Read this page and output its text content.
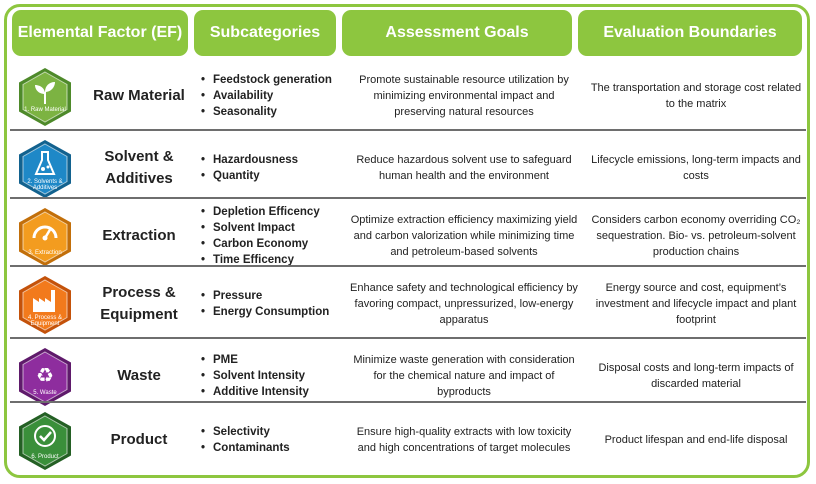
Elemental Factor (EF)	Subcategories	Assessment Goals	Evaluation Boundaries
1. Raw Material
Raw Material
• Feedstock generation
• Availability
• Seasonality
Promote sustainable resource utilization by minimizing environmental impact and preserving natural resources
The transportation and storage cost related to the matrix
2. Solvents & Additives
Solvent &
Additives
• Hazardousness
• Quantity
Reduce hazardous solvent use to safeguard human health and the environment
Lifecycle emissions, long-term impacts and costs
3. Extraction
Extraction
• Depletion Efficency
• Solvent Impact
• Carbon Economy
• Time Efficency
Optimize extraction efficiency maximizing yield and carbon valorization while minimizing time and petroleum-based solvents
Considers carbon economy overriding CO₂ sequestration. Bio- vs. petroleum-solvent production chains
4. Process & Equipment
Process &
Equipment
• Pressure
• Energy Consumption
Enhance safety and technological efficiency by favoring compact, unpressurized, low-energy apparatus
Energy source and cost, equipment’s investment and lifecycle impact and plant footprint
♻
5. Waste
Waste
• PME
• Solvent Intensity
• Additive Intensity
Minimize waste generation with consideration for the chemical nature and impact of byproducts
Disposal costs and long-term impacts of discarded material
6. Product
Product
•	Selectivity
• Contaminants
Ensure high-quality extracts with low toxicity and high concentrations of target molecules
Product lifespan and end-life disposal
